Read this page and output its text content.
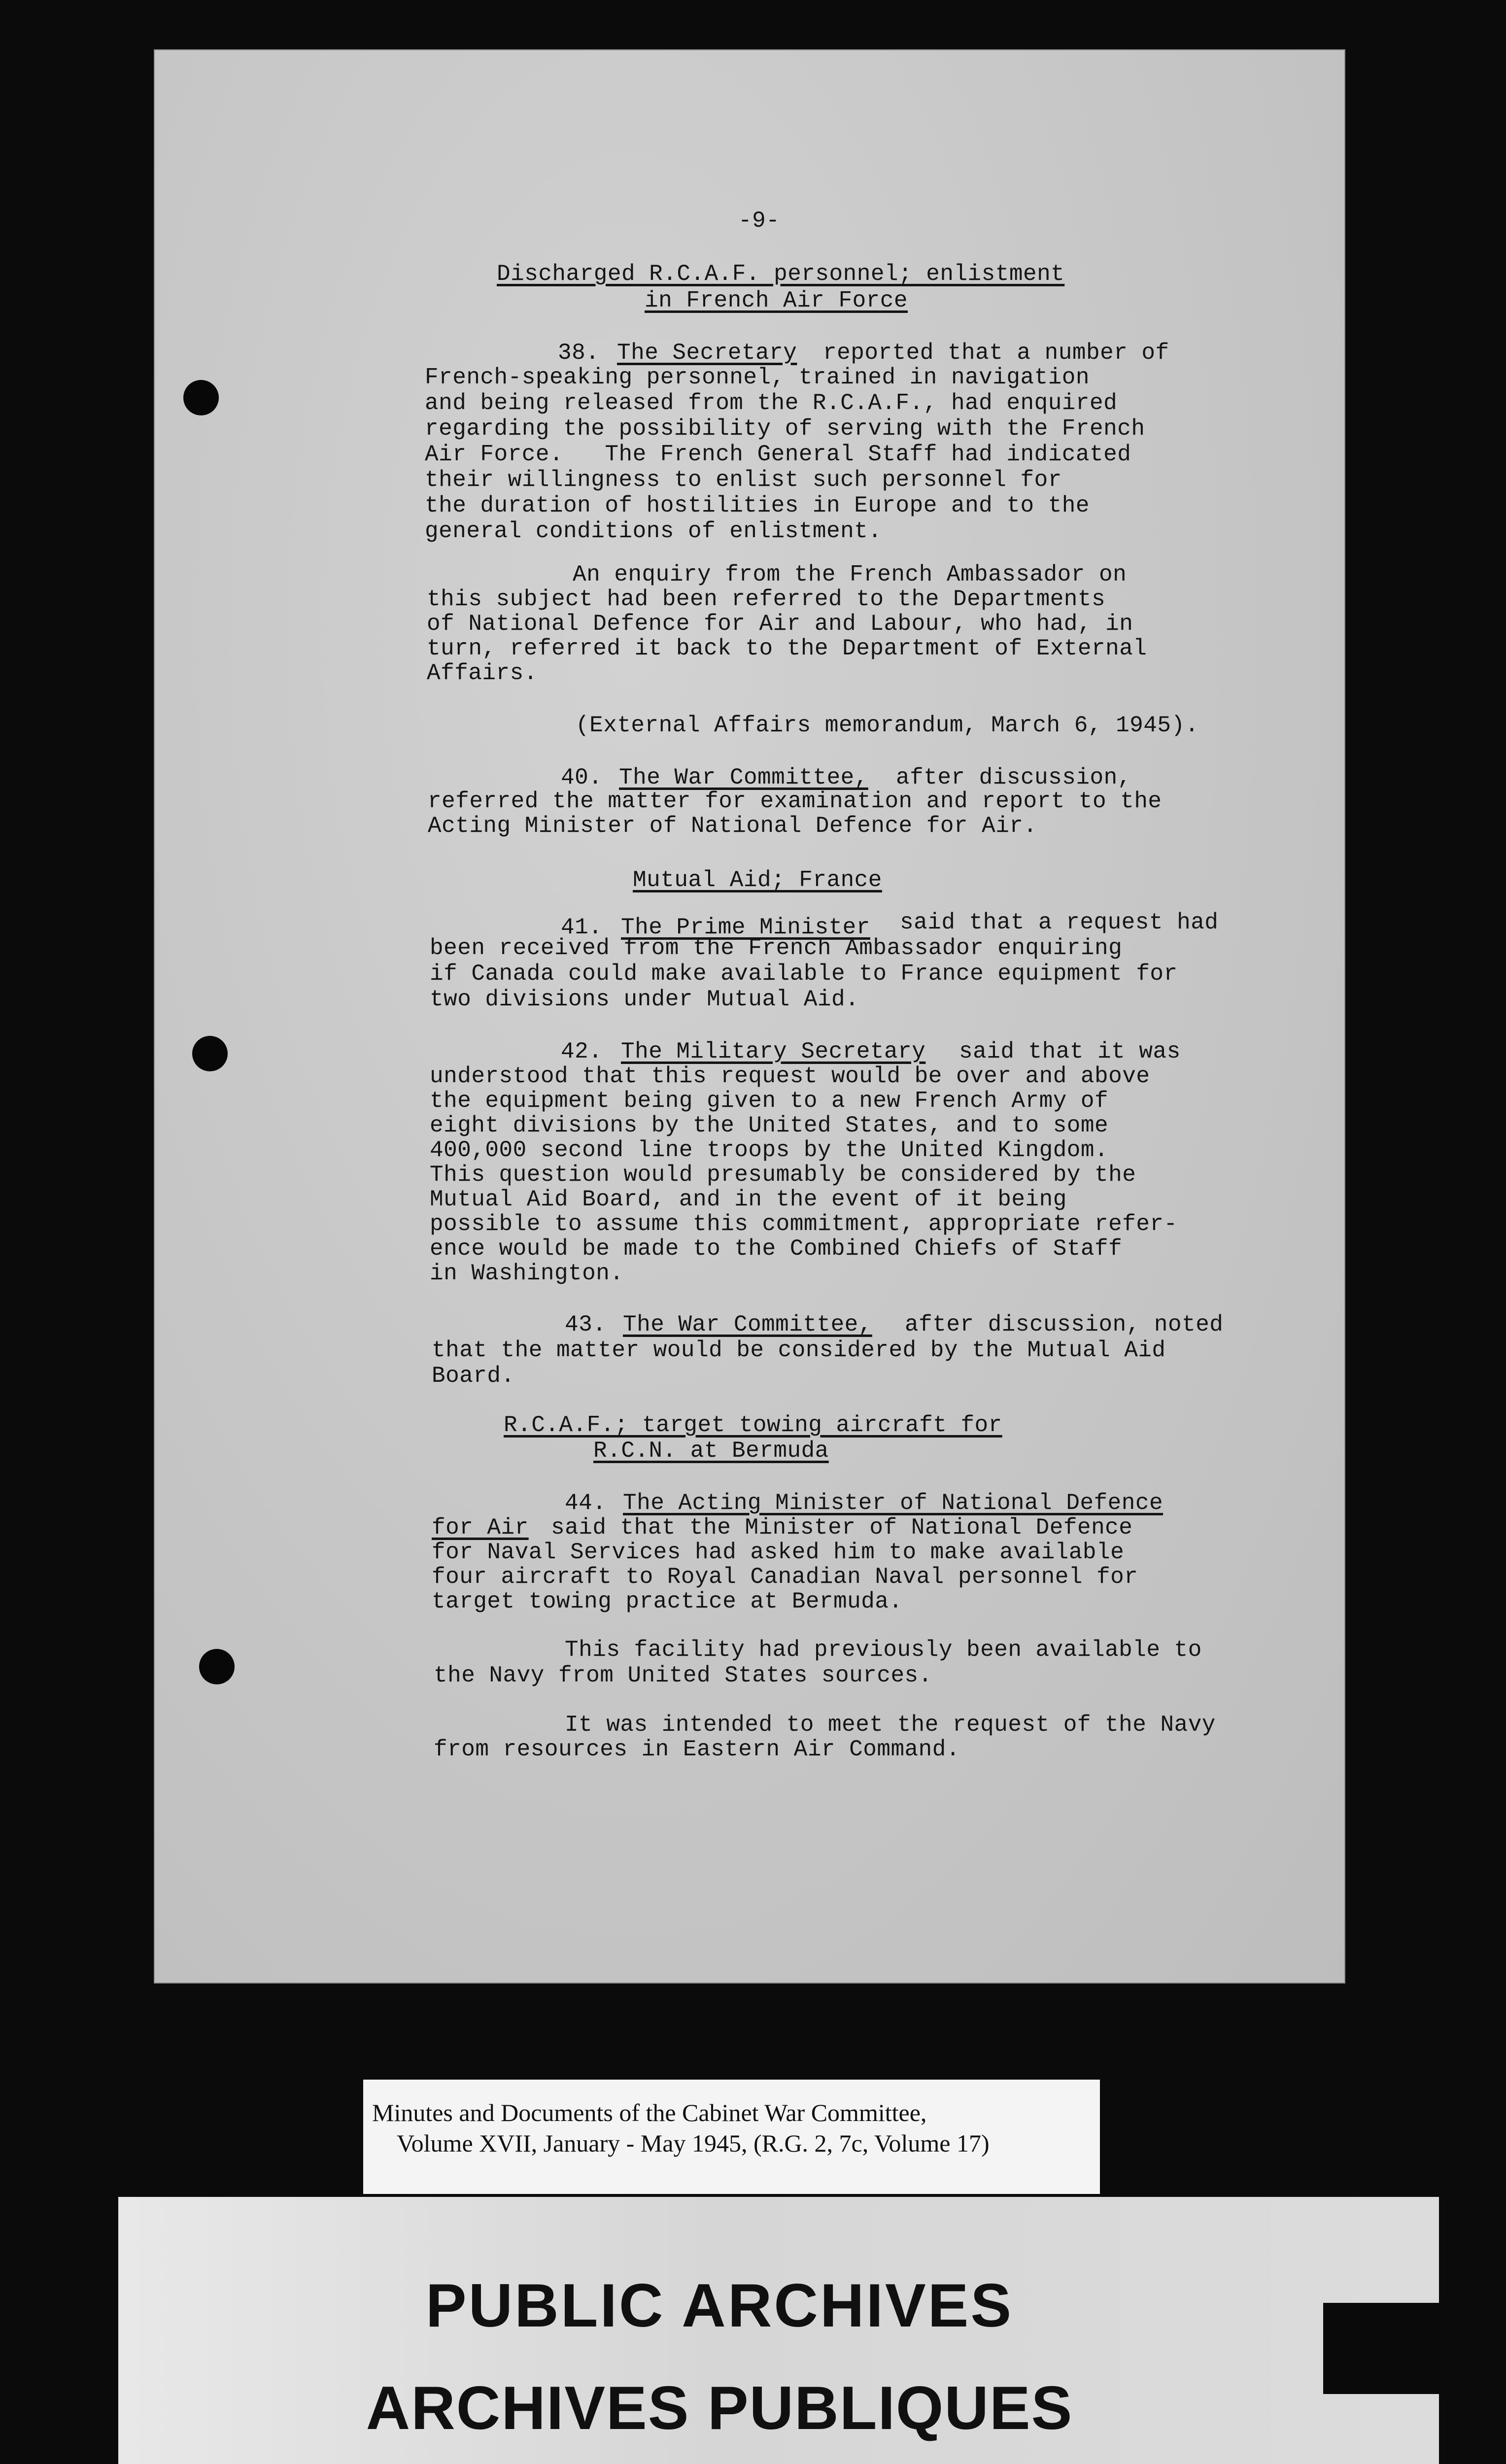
-9-
Discharged R.C.A.F. personnel; enlistment
in French Air Force
38. The Secretary reported that a number of
French-speaking personnel, trained in navigation
and being released from the R.C.A.F., had enquired
regarding the possibility of serving with the French
Air Force.   The French General Staff had indicated
their willingness to enlist such personnel for
the duration of hostilities in Europe and to the
general conditions of enlistment.
An enquiry from the French Ambassador on
this subject had been referred to the Departments
of National Defence for Air and Labour, who had, in
turn, referred it back to the Department of External
Affairs.
(External Affairs memorandum, March 6, 1945).
40. The War Committee, after discussion,
referred the matter for examination and report to the
Acting Minister of National Defence for Air.
Mutual Aid; France
41. The Prime Minister said that a request had
been received from the French Ambassador enquiring
if Canada could make available to France equipment for
two divisions under Mutual Aid.
42. The Military Secretary said that it was
understood that this request would be over and above
the equipment being given to a new French Army of
eight divisions by the United States, and to some
400,000 second line troops by the United Kingdom.
This question would presumably be considered by the
Mutual Aid Board, and in the event of it being
possible to assume this commitment, appropriate refer-
ence would be made to the Combined Chiefs of Staff
in Washington.
43. The War Committee, after discussion, noted
that the matter would be considered by the Mutual Aid
Board.
R.C.A.F.; target towing aircraft for
R.C.N. at Bermuda
44. The Acting Minister of National Defence
for Air said that the Minister of National Defence
for Naval Services had asked him to make available
four aircraft to Royal Canadian Naval personnel for
target towing practice at Bermuda.
This facility had previously been available to
the Navy from United States sources.
It was intended to meet the request of the Navy
from resources in Eastern Air Command.
Minutes and Documents of the Cabinet War Committee,
Volume XVII, January - May 1945, (R.G. 2, 7c, Volume 17)
PUBLIC ARCHIVES
ARCHIVES PUBLIQUES
